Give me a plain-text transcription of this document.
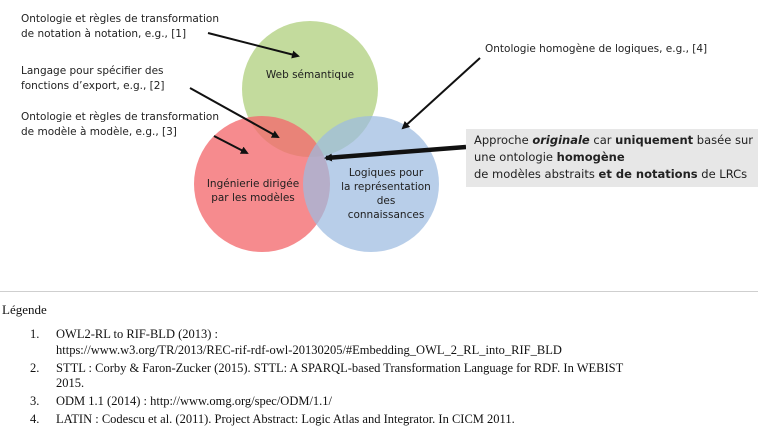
Ontologie et règles de transformation
de notation à notation, e.g., [1]
Langage pour spécifier des
fonctions d’export, e.g., [2]
Ontologie et règles de transformation
de modèle à modèle, e.g., [3]
Ontologie homogène de logiques, e.g., [4]
Web sémantique
Ingénierie dirigée
par les modèles
Logiques pour
la représentation
des
connaissances
Approche originale car uniquement basée sur
une ontologie homogène
de modèles abstraits et de notations de LRCs
Légende
1. OWL2-RL to RIF-BLD (2013) :
https://www.w3.org/TR/2013/REC-rif-rdf-owl-20130205/#Embedding_OWL_2_RL_into_RIF_BLD
2. STTL : Corby & Faron-Zucker (2015). STTL: A SPARQL-based Transformation Language for RDF. In WEBIST
2015.
3. ODM 1.1 (2014) : http://www.omg.org/spec/ODM/1.1/
4. LATIN : Codescu et al. (2011). Project Abstract: Logic Atlas and Integrator. In CICM 2011.
